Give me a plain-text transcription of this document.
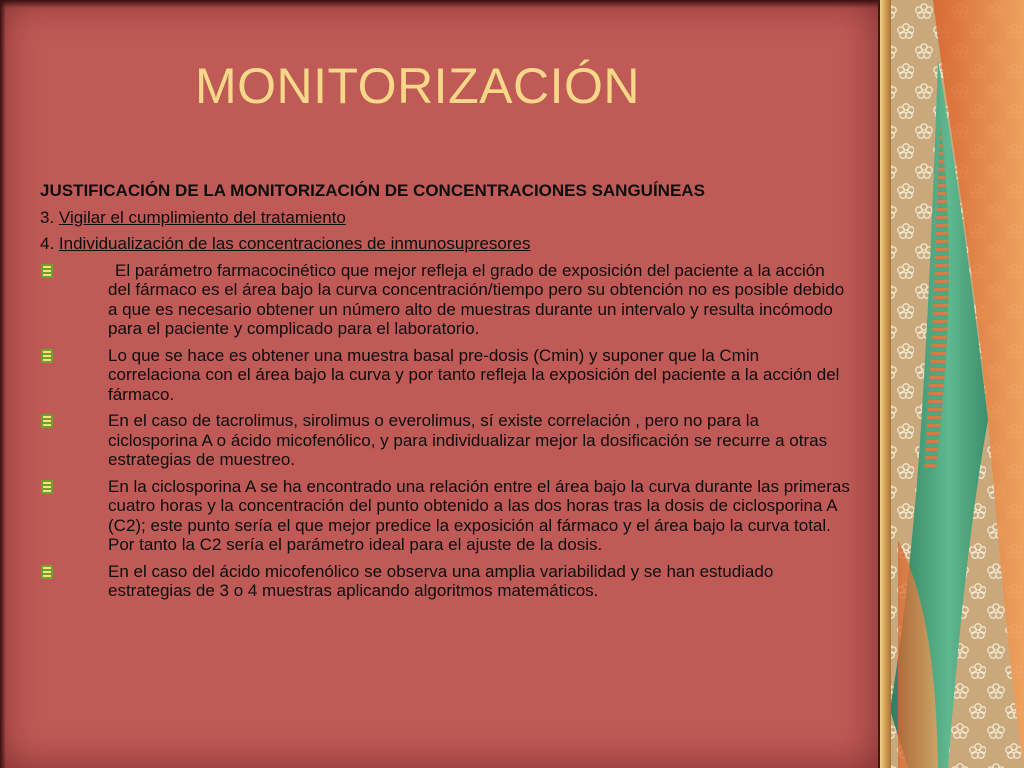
MONITORIZACIÓN

JUSTIFICACIÓN DE LA MONITORIZACIÓN DE CONCENTRACIONES SANGUÍNEAS

3. Vigilar el cumplimiento del tratamiento

4. Individualización de las concentraciones de inmunosupresores

El parámetro farmacocinético que mejor refleja el grado de exposición del paciente a la acción del fármaco es el área bajo la curva concentración/tiempo pero su obtención no es posible debido a que es necesario obtener un número alto de muestras durante un intervalo y resulta incómodo para el paciente y complicado para el laboratorio.
Lo que se hace es obtener una muestra basal pre-dosis (Cmin) y suponer que la Cmin correlaciona con el área bajo la curva y por tanto refleja la exposición del paciente a la acción del fármaco.
En el caso de tacrolimus, sirolimus o everolimus, sí existe correlación , pero no para la ciclosporina A o ácido micofenólico, y para individualizar mejor la dosificación se recurre a otras estrategias de muestreo.
En la ciclosporina A se ha encontrado una relación entre el área bajo la curva durante las primeras cuatro horas y la concentración del punto obtenido a las dos horas tras la dosis de ciclosporina A (C2); este punto sería el que mejor predice la exposición al fármaco y el área bajo la curva total. Por tanto la C2 sería el parámetro ideal para el ajuste de la dosis.
En el caso del ácido micofenólico se observa una amplia variabilidad y se han estudiado estrategias de 3 o 4 muestras aplicando algoritmos matemáticos.
